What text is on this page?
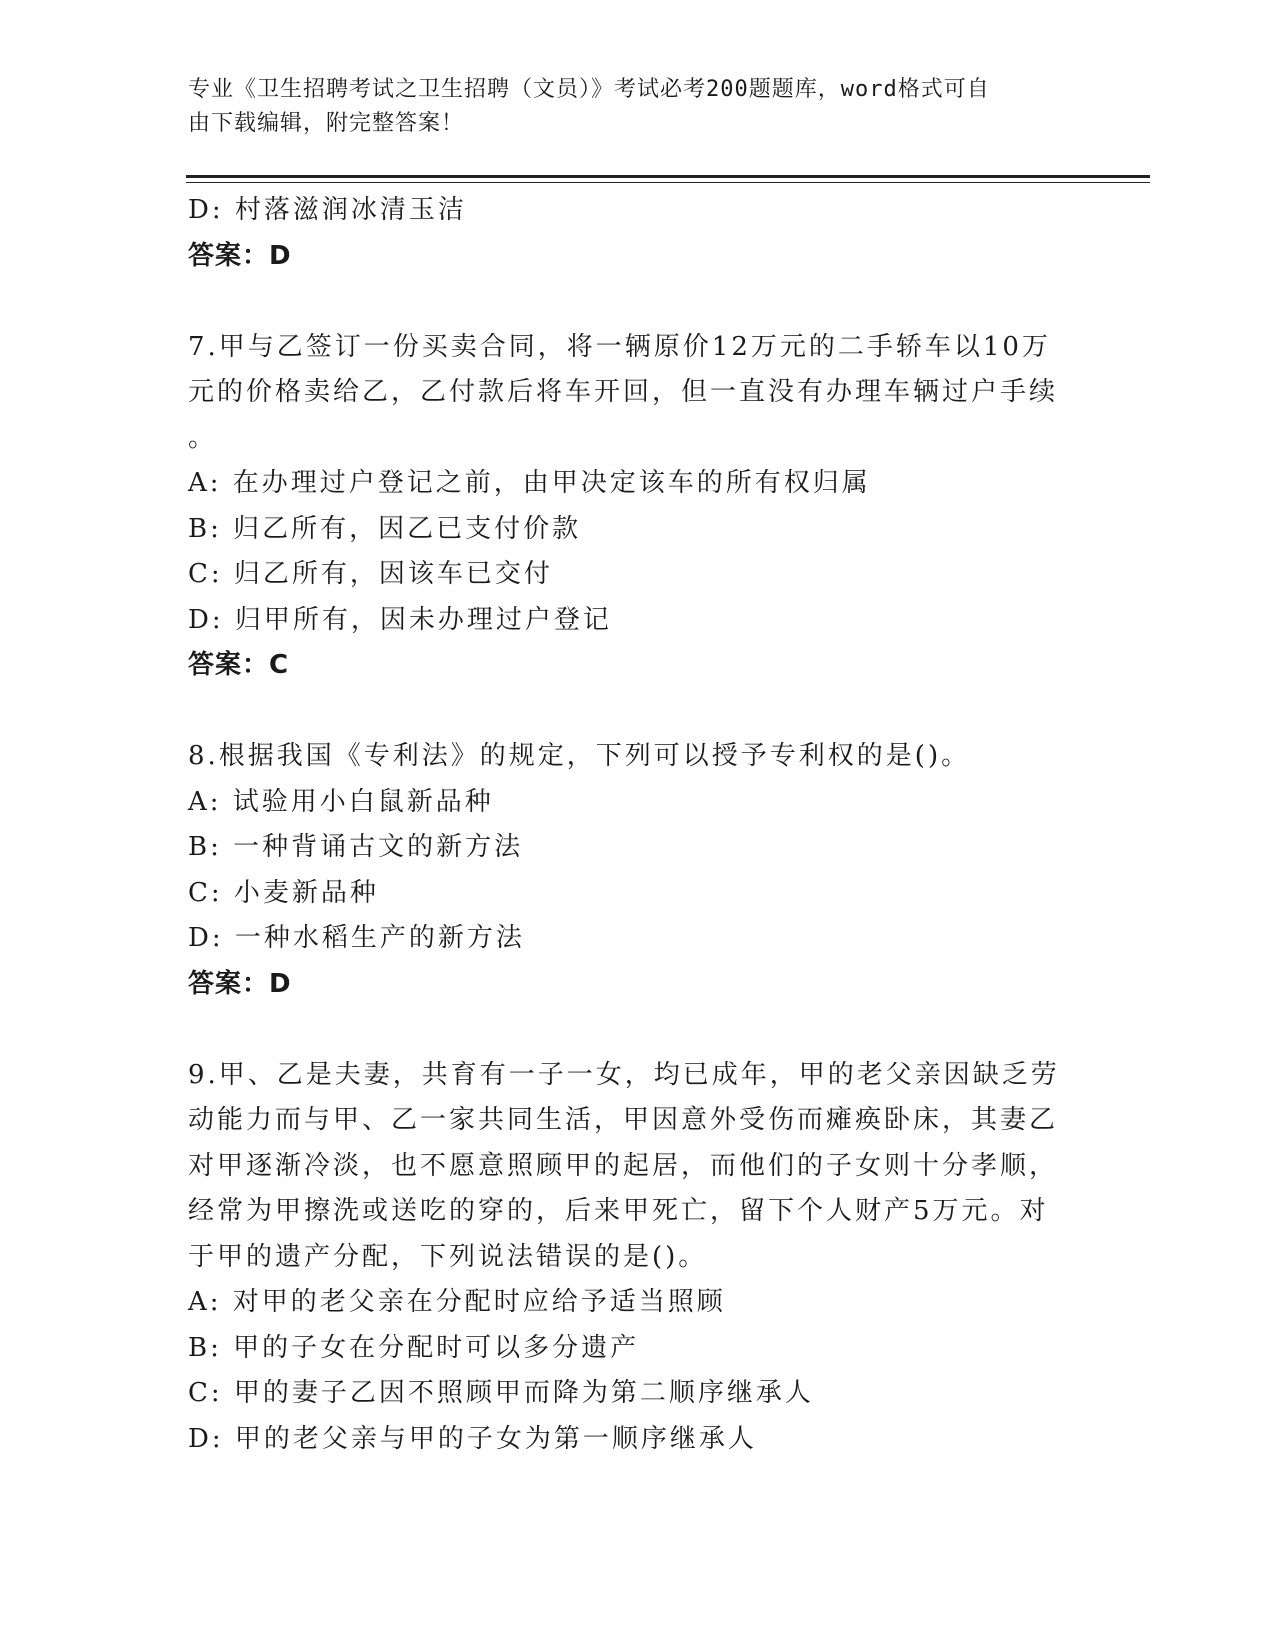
专业《卫生招聘考试之卫生招聘（文员）》考试必考200题题库，word格式可自
由下载编辑，附完整答案！
D: 村落滋润冰清玉洁
答案：D
7.甲与乙签订一份买卖合同，将一辆原价12万元的二手轿车以10万
元的价格卖给乙，乙付款后将车开回，但一直没有办理车辆过户手续
。
A: 在办理过户登记之前，由甲决定该车的所有权归属
B: 归乙所有，因乙已支付价款
C: 归乙所有，因该车已交付
D: 归甲所有，因未办理过户登记
答案：C
8.根据我国《专利法》的规定，下列可以授予专利权的是()。
A: 试验用小白鼠新品种
B: 一种背诵古文的新方法
C: 小麦新品种
D: 一种水稻生产的新方法
答案：D
9.甲、乙是夫妻，共育有一子一女，均已成年，甲的老父亲因缺乏劳
动能力而与甲、乙一家共同生活，甲因意外受伤而瘫痪卧床，其妻乙
对甲逐渐冷淡，也不愿意照顾甲的起居，而他们的子女则十分孝顺，
经常为甲擦洗或送吃的穿的，后来甲死亡，留下个人财产5万元。对
于甲的遗产分配，下列说法错误的是()。
A: 对甲的老父亲在分配时应给予适当照顾
B: 甲的子女在分配时可以多分遗产
C: 甲的妻子乙因不照顾甲而降为第二顺序继承人
D: 甲的老父亲与甲的子女为第一顺序继承人
